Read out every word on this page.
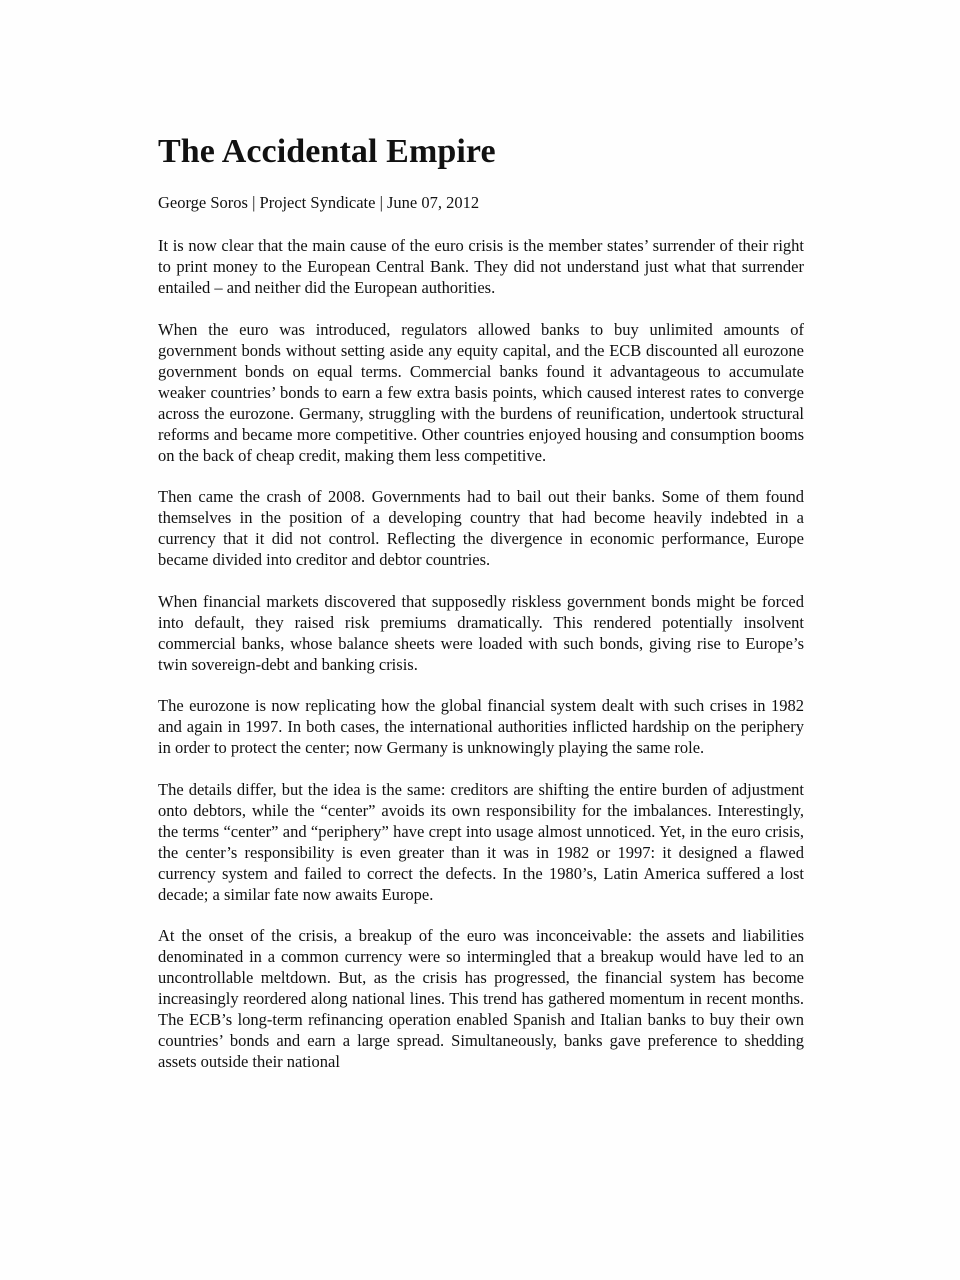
The Accidental Empire

George Soros | Project Syndicate | June 07, 2012

It is now clear that the main cause of the euro crisis is the member states’ surrender of their right to print money to the European Central Bank. They did not understand just what that surrender entailed – and neither did the European authorities.

When the euro was introduced, regulators allowed banks to buy unlimited amounts of government bonds without setting aside any equity capital, and the ECB discounted all eurozone government bonds on equal terms. Commercial banks found it advantageous to accumulate weaker countries’ bonds to earn a few extra basis points, which caused interest rates to converge across the eurozone. Germany, struggling with the burdens of reunification, undertook structural reforms and became more competitive. Other countries enjoyed housing and consumption booms on the back of cheap credit, making them less competitive.

Then came the crash of 2008. Governments had to bail out their banks. Some of them found themselves in the position of a developing country that had become heavily indebted in a currency that it did not control. Reflecting the divergence in economic performance, Europe became divided into creditor and debtor countries.

When financial markets discovered that supposedly riskless government bonds might be forced into default, they raised risk premiums dramatically. This rendered potentially insolvent commercial banks, whose balance sheets were loaded with such bonds, giving rise to Europe’s twin sovereign-debt and banking crisis.

The eurozone is now replicating how the global financial system dealt with such crises in 1982 and again in 1997. In both cases, the international authorities inflicted hardship on the periphery in order to protect the center; now Germany is unknowingly playing the same role.

The details differ, but the idea is the same: creditors are shifting the entire burden of adjustment onto debtors, while the “center” avoids its own responsibility for the imbalances. Interestingly, the terms “center” and “periphery” have crept into usage almost unnoticed. Yet, in the euro crisis, the center’s responsibility is even greater than it was in 1982 or 1997: it designed a flawed currency system and failed to correct the defects. In the 1980’s, Latin America suffered a lost decade; a similar fate now awaits Europe.

At the onset of the crisis, a breakup of the euro was inconceivable: the assets and liabilities denominated in a common currency were so intermingled that a breakup would have led to an uncontrollable meltdown. But, as the crisis has progressed, the financial system has become increasingly reordered along national lines. This trend has gathered momentum in recent months. The ECB’s long-term refinancing operation enabled Spanish and Italian banks to buy their own countries’ bonds and earn a large spread. Simultaneously, banks gave preference to shedding assets outside their national
